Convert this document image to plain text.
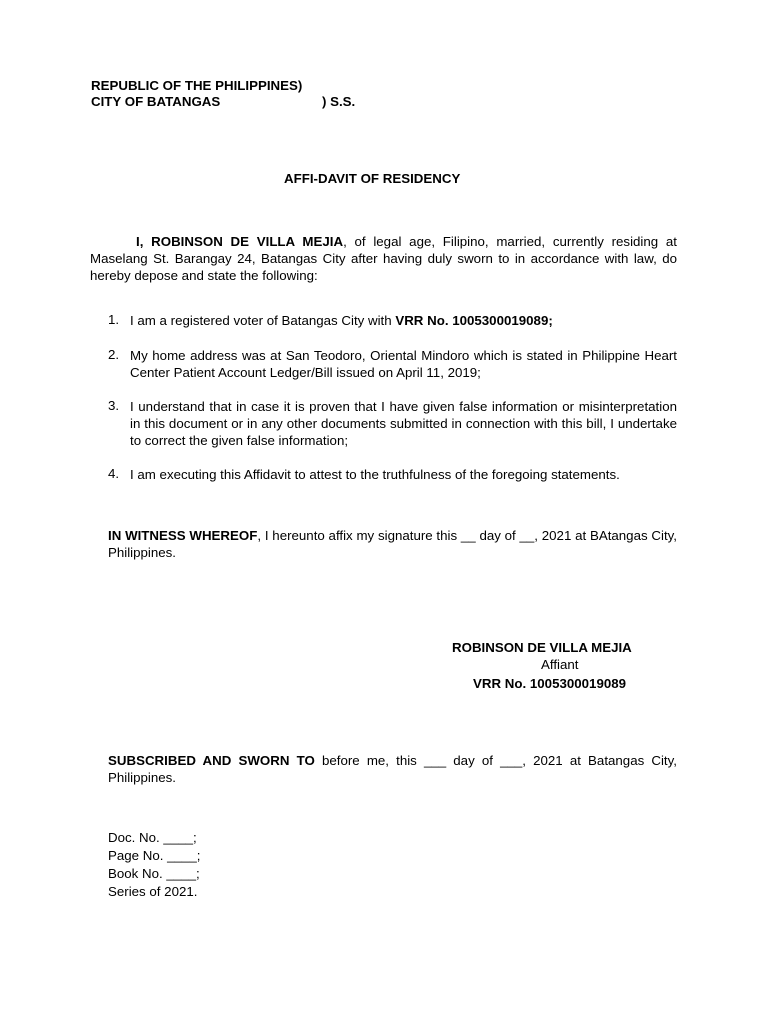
REPUBLIC OF THE PHILIPPINES)
CITY OF BATANGAS	) S.S.
AFFI-DAVIT OF RESIDENCY
I, ROBINSON DE VILLA MEJIA, of legal age, Filipino, married, currently residing at Maselang St. Barangay 24, Batangas City after having duly sworn to in accordance with law, do hereby depose and state the following:
1. I am a registered voter of Batangas City with VRR No. 1005300019089;
2. My home address was at San Teodoro, Oriental Mindoro which is stated in Philippine Heart Center Patient Account Ledger/Bill issued on April 11, 2019;
3. I understand that in case it is proven that I have given false information or misinterpretation in this document or in any other documents submitted in connection with this bill, I undertake to correct the given false information;
4. I am executing this Affidavit to attest to the truthfulness of the foregoing statements.
IN WITNESS WHEREOF, I hereunto affix my signature this __ day of __, 2021 at BAtangas City, Philippines.
ROBINSON DE VILLA MEJIA
Affiant
VRR No. 1005300019089
SUBSCRIBED AND SWORN TO before me, this ___ day of ___, 2021 at Batangas City, Philippines.
Doc. No. ____;
Page No. ____;
Book No. ____;
Series of 2021.
